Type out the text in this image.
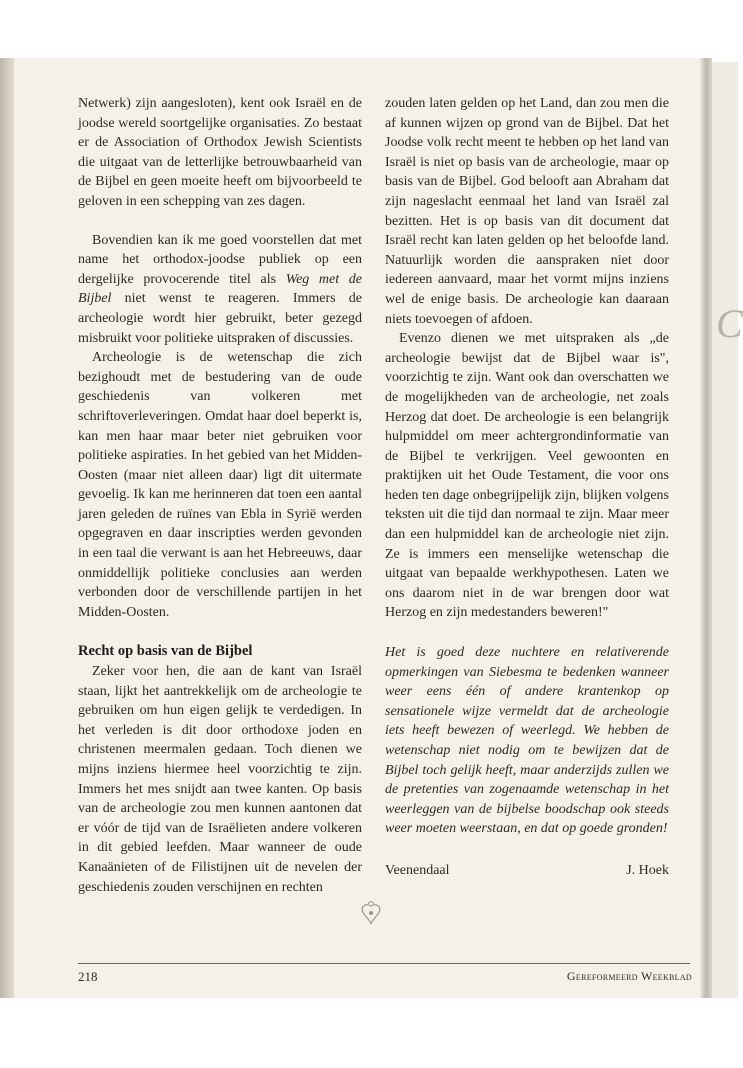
C

Netwerk) zijn aangesloten), kent ook Israël en de joodse wereld soortgelijke organisaties. Zo bestaat er de Association of Orthodox Jewish Scientists die uitgaat van de letterlijke betrouwbaarheid van de Bijbel en geen moeite heeft om bijvoorbeeld te geloven in een schepping van zes dagen.

Bovendien kan ik me goed voorstellen dat met name het orthodox-joodse publiek op een dergelijke provocerende titel als Weg met de Bijbel niet wenst te reageren. Immers de archeologie wordt hier gebruikt, beter gezegd misbruikt voor politieke uitspraken of discussies.

Archeologie is de wetenschap die zich bezighoudt met de bestudering van de oude geschiedenis van volkeren met schriftoverleveringen. Omdat haar doel beperkt is, kan men haar maar beter niet gebruiken voor politieke aspiraties. In het gebied van het Midden-Oosten (maar niet alleen daar) ligt dit uitermate gevoelig. Ik kan me herinneren dat toen een aantal jaren geleden de ruïnes van Ebla in Syrië werden opgegraven en daar inscripties werden gevonden in een taal die verwant is aan het Hebreeuws, daar onmiddellijk politieke conclusies aan werden verbonden door de verschillende partijen in het Midden-Oosten.

Recht op basis van de Bijbel

Zeker voor hen, die aan de kant van Israël staan, lijkt het aantrekkelijk om de archeologie te gebruiken om hun eigen gelijk te verdedigen. In het verleden is dit door orthodoxe joden en christenen meermalen gedaan. Toch dienen we mijns inziens hiermee heel voorzichtig te zijn. Immers het mes snijdt aan twee kanten. Op basis van de archeologie zou men kunnen aantonen dat er vóór de tijd van de Israëlieten andere volkeren in dit gebied leefden. Maar wanneer de oude Kanaänieten of de Filistijnen uit de nevelen der geschiedenis zouden verschijnen en rechten

zouden laten gelden op het Land, dan zou men die af kunnen wijzen op grond van de Bijbel. Dat het Joodse volk recht meent te hebben op het land van Israël is niet op basis van de archeologie, maar op basis van de Bijbel. God belooft aan Abraham dat zijn nageslacht eenmaal het land van Israël zal bezitten. Het is op basis van dit document dat Israël recht kan laten gelden op het beloofde land. Natuurlijk worden die aanspraken niet door iedereen aanvaard, maar het vormt mijns inziens wel de enige basis. De archeologie kan daaraan niets toevoegen of afdoen.

Evenzo dienen we met uitspraken als „de archeologie bewijst dat de Bijbel waar is", voorzichtig te zijn. Want ook dan overschatten we de mogelijkheden van de archeologie, net zoals Herzog dat doet. De archeologie is een belangrijk hulpmiddel om meer achtergrondinformatie van de Bijbel te verkrijgen. Veel gewoonten en praktijken uit het Oude Testament, die voor ons heden ten dage onbegrijpelijk zijn, blijken volgens teksten uit die tijd dan normaal te zijn. Maar meer dan een hulpmiddel kan de archeologie niet zijn. Ze is immers een menselijke wetenschap die uitgaat van bepaalde werkhypothesen. Laten we ons daarom niet in de war brengen door wat Herzog en zijn medestanders beweren!"

Het is goed deze nuchtere en relativerende opmerkingen van Siebesma te bedenken wanneer weer eens één of andere krantenkop op sensationele wijze vermeldt dat de archeologie iets heeft bewezen of weerlegd. We hebben de wetenschap niet nodig om te bewijzen dat de Bijbel toch gelijk heeft, maar anderzijds zullen we de pretenties van zogenaamde wetenschap in het weerleggen van de bijbelse boodschap ook steeds weer moeten weerstaan, en dat op goede gronden!

Veenendaal	J. Hoek
218	Gereformeerd Weekblad
